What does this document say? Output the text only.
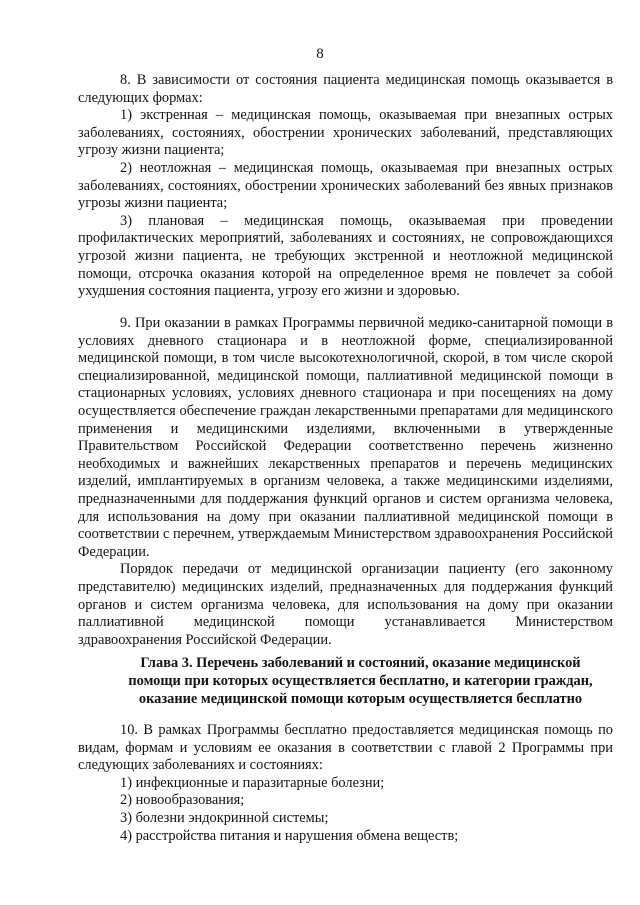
8

8. В зависимости от состояния пациента медицинская помощь оказывается в следующих формах:

1) экстренная – медицинская помощь, оказываемая при внезапных острых заболеваниях, состояниях, обострении хронических заболеваний, представляющих угрозу жизни пациента;

2) неотложная – медицинская помощь, оказываемая при внезапных острых заболеваниях, состояниях, обострении хронических заболеваний без явных признаков угрозы жизни пациента;

3) плановая – медицинская помощь, оказываемая при проведении профилактических мероприятий, заболеваниях и состояниях, не сопровождающихся угрозой жизни пациента, не требующих экстренной и неотложной медицинской помощи, отсрочка оказания которой на определенное время не повлечет за собой ухудшения состояния пациента, угрозу его жизни и здоровью.

9. При оказании в рамках Программы первичной медико-санитарной помощи в условиях дневного стационара и в неотложной форме, специализированной медицинской помощи, в том числе высокотехнологичной, скорой, в том числе скорой специализированной, медицинской помощи, паллиативной медицинской помощи в стационарных условиях, условиях дневного стационара и при посещениях на дому осуществляется обеспечение граждан лекарственными препаратами для медицинского применения и медицинскими изделиями, включенными в утвержденные Правительством Российской Федерации соответственно перечень жизненно необходимых и важнейших лекарственных препаратов и перечень медицинских изделий, имплантируемых в организм человека, а также медицинскими изделиями, предназначенными для поддержания функций органов и систем организма человека, для использования на дому при оказании паллиативной медицинской помощи в соответствии с перечнем, утверждаемым Министерством здравоохранения Российской Федерации.

Порядок передачи от медицинской организации пациенту (его законному представителю) медицинских изделий, предназначенных для поддержания функций органов и систем организма человека, для использования на дому при оказании паллиативной медицинской помощи устанавливается Министерством здравоохранения Российской Федерации.

Глава 3. Перечень заболеваний и состояний, оказание медицинской
помощи при которых осуществляется бесплатно, и категории граждан,
оказание медицинской помощи которым осуществляется бесплатно

10. В рамках Программы бесплатно предоставляется медицинская помощь по видам, формам и условиям ее оказания в соответствии с главой 2 Программы при следующих заболеваниях и состояниях:

1) инфекционные и паразитарные болезни;

2) новообразования;

3) болезни эндокринной системы;

4) расстройства питания и нарушения обмена веществ;
